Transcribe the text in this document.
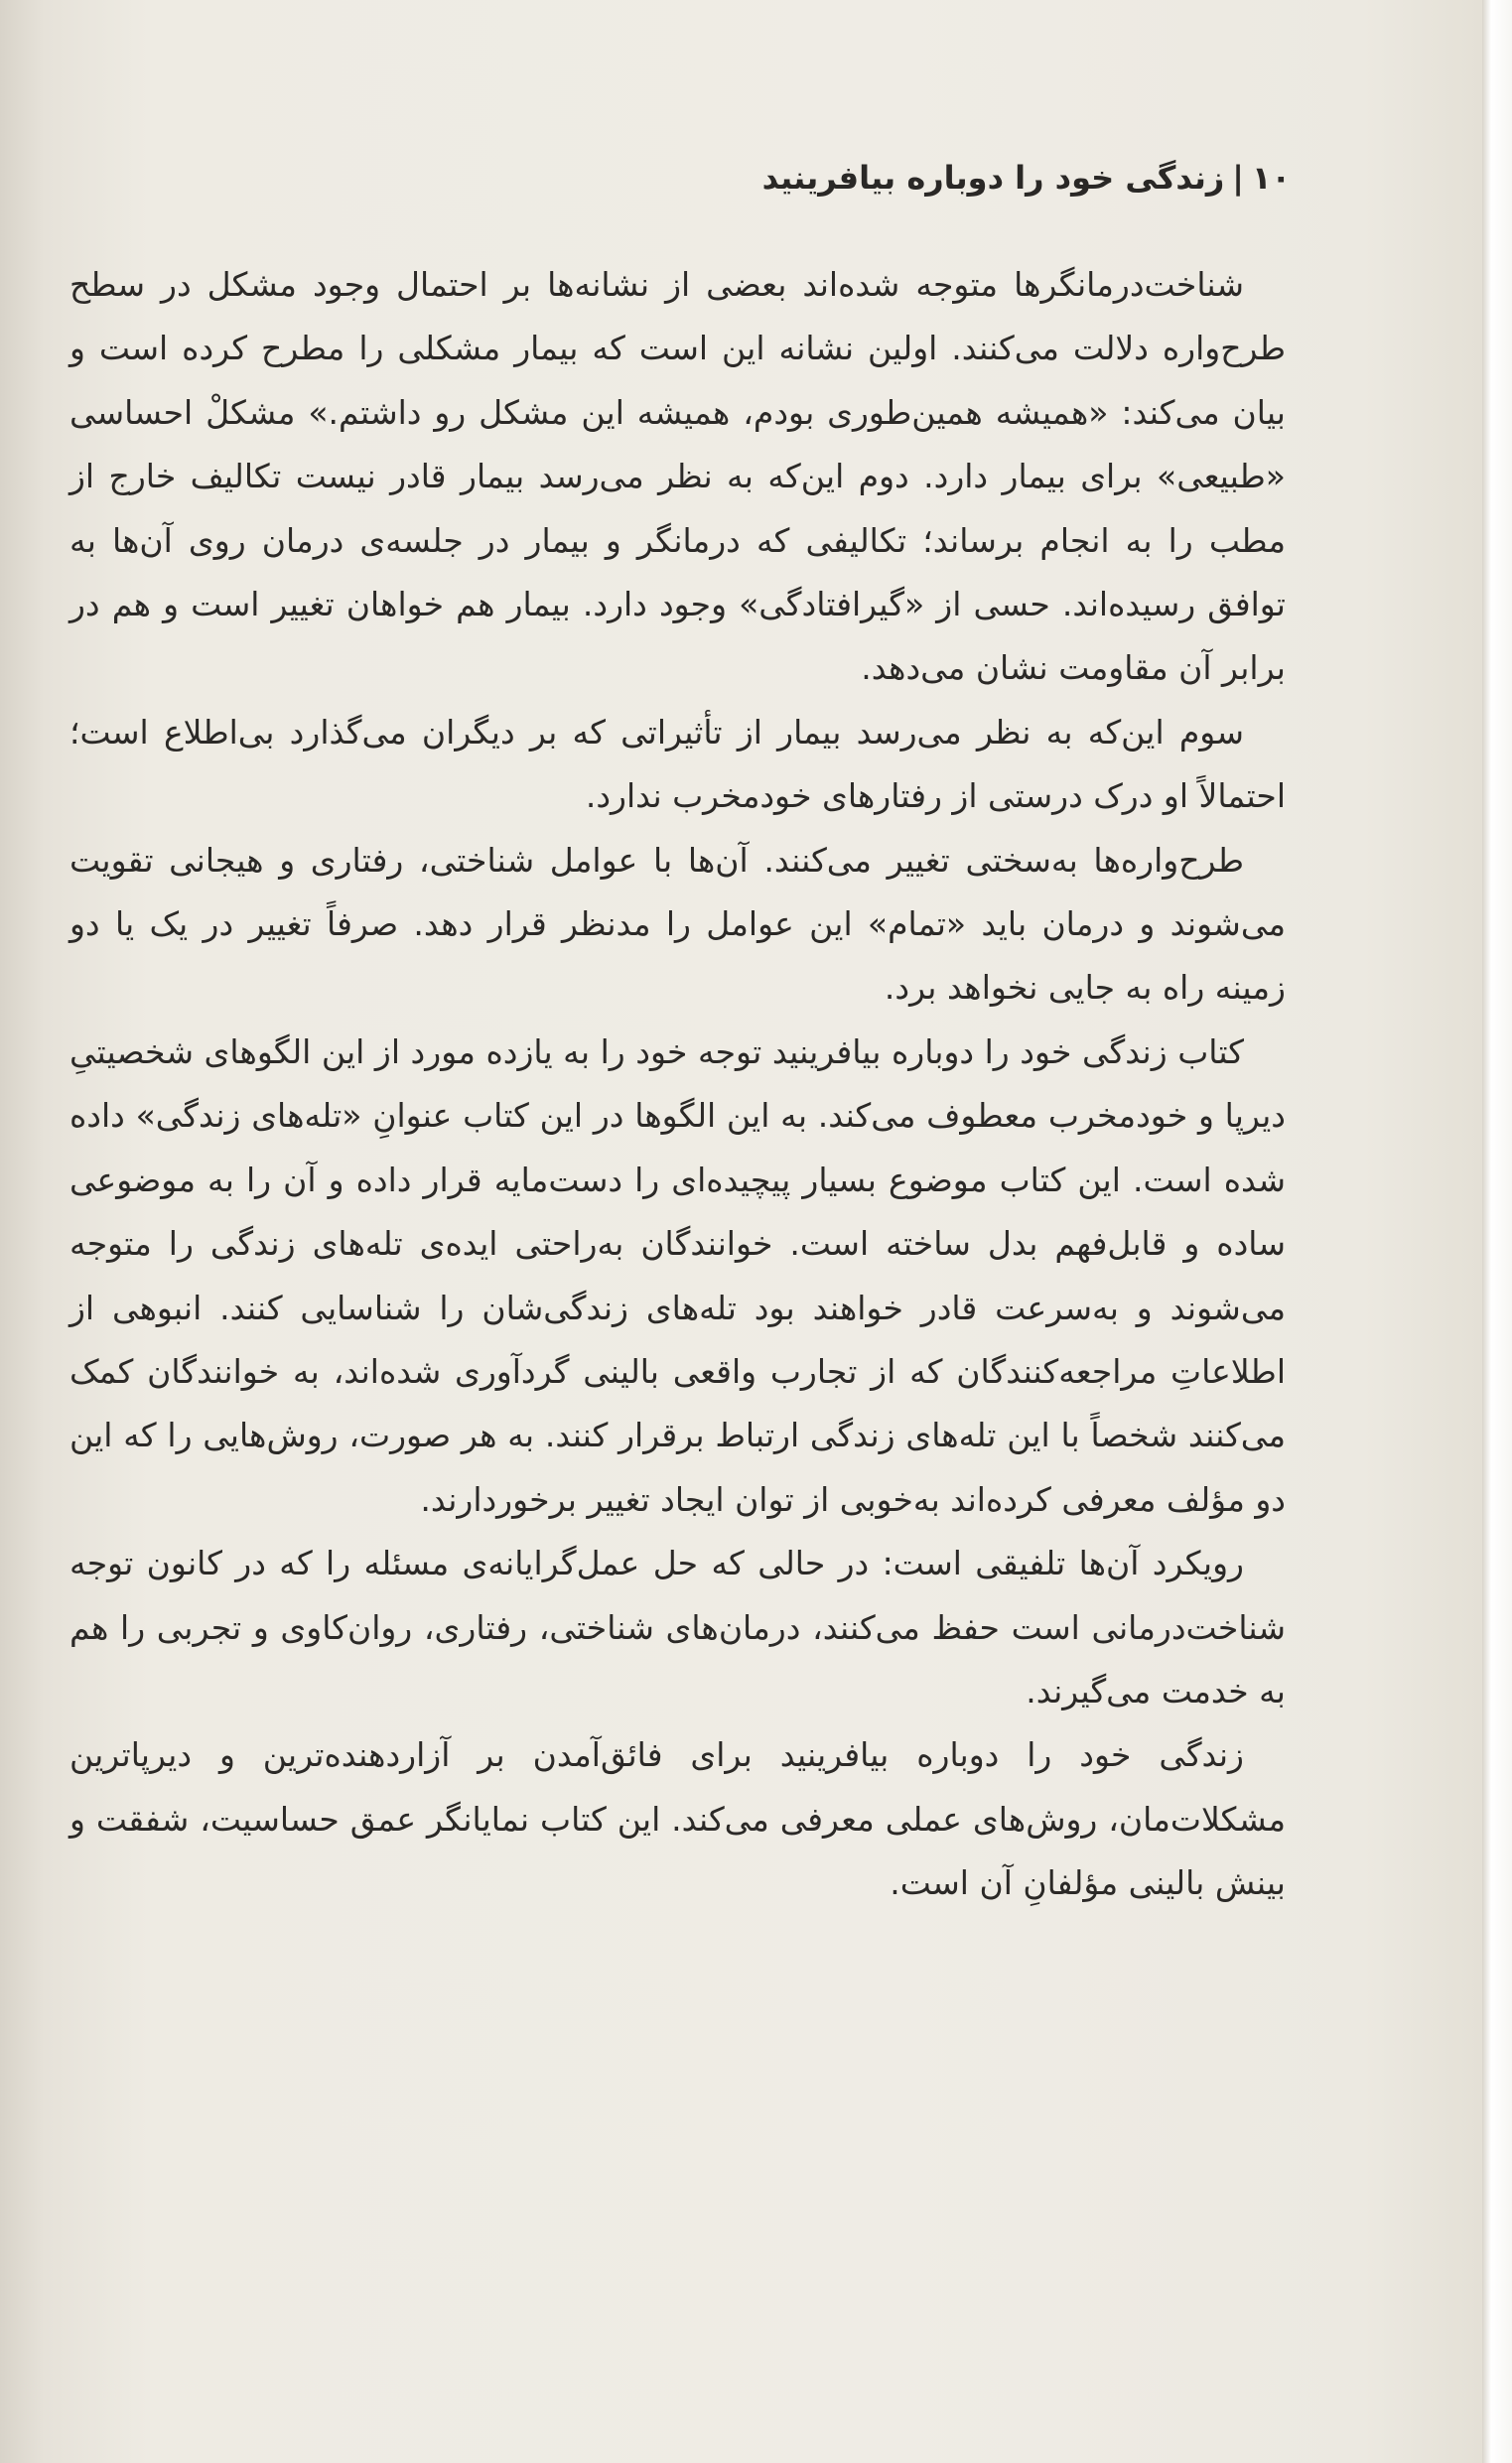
۱۰|زندگی خود را دوباره بیافرینید

شناخت‌درمانگرها متوجه شده‌اند بعضی از نشانه‌ها بر احتمال وجود مشکل در سطح طرح‌واره دلالت می‌کنند. اولین نشانه این است که بیمار مشکلی را مطرح کرده است و بیان می‌کند: «همیشه همین‌طوری بودم، همیشه این مشکل رو داشتم.» مشکلْ احساسی «طبیعی» برای بیمار دارد. دوم این‌که به نظر می‌رسد بیمار قادر نیست تکالیف خارج از مطب را به انجام برساند؛ تکالیفی که درمانگر و بیمار در جلسه‌ی درمان روی آن‌ها به توافق رسیده‌اند. حسی از «گیرافتادگی» وجود دارد. بیمار هم خواهان تغییر است و هم در برابر آن مقاومت نشان می‌دهد.

سوم این‌که به نظر می‌رسد بیمار از تأثیراتی که بر دیگران می‌گذارد بی‌اطلاع است؛ احتمالاً او درک درستی از رفتارهای خودمخرب ندارد.

طرح‌واره‌ها به‌سختی تغییر می‌کنند. آن‌ها با عوامل شناختی، رفتاری و هیجانی تقویت می‌شوند و درمان باید «تمام» این عوامل را مدنظر قرار دهد. صرفاً تغییر در یک یا دو زمینه راه به جایی نخواهد برد.

کتاب زندگی خود را دوباره بیافرینید توجه خود را به یازده مورد از این الگوهای شخصیتیِ دیرپا و خودمخرب معطوف می‌کند. به این الگوها در این کتاب عنوانِ «تله‌های زندگی» داده شده است. این کتاب موضوع بسیار پیچیده‌ای را دست‌مایه قرار داده و آن را به موضوعی ساده و قابل‌فهم بدل ساخته است. خوانندگان به‌راحتی ایده‌ی تله‌های زندگی را متوجه می‌شوند و به‌سرعت قادر خواهند بود تله‌های زندگی‌شان را شناسایی کنند. انبوهی از اطلاعاتِ مراجعه‌کنندگان که از تجارب واقعی بالینی گردآوری شده‌اند، به خوانندگان کمک می‌کنند شخصاً با این تله‌های زندگی ارتباط برقرار کنند. به هر صورت، روش‌هایی را که این دو مؤلف معرفی کرده‌اند به‌خوبی از توان ایجاد تغییر برخوردارند.

رویکرد آن‌ها تلفیقی است: در حالی که حل عمل‌گرایانه‌ی مسئله را که در کانون توجه شناخت‌درمانی است حفظ می‌کنند، درمان‌های شناختی، رفتاری، روان‌کاوی و تجربی را هم به خدمت می‌گیرند.

زندگی خود را دوباره بیافرینید برای فائق‌آمدن بر آزاردهنده‌ترین و دیرپاترین مشکلات‌مان، روش‌های عملی معرفی می‌کند. این کتاب نمایانگر عمق حساسیت، شفقت و بینش بالینی مؤلفانِ آن است.
